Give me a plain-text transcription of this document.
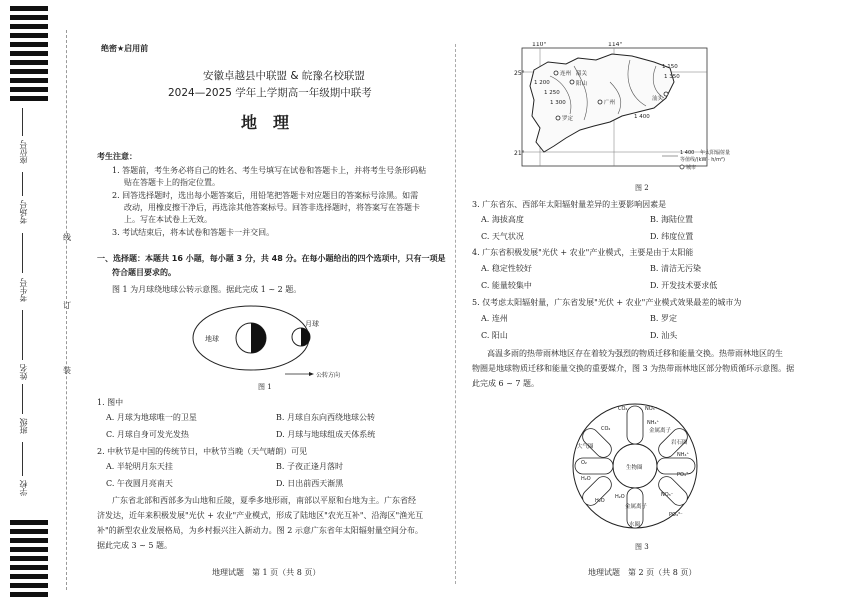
座位号
考场号
考生号
姓名
班级
学校
线
订
装
绝密★启用前
安徽卓越县中联盟 & 皖豫名校联盟
2024—2025 学年上学期高一年级期中联考
地　理
考生注意：
1. 答题前，考生务必将自己的姓名、考生号填写在试卷和答题卡上，并将考生号条形码粘
贴在答题卡上的指定位置。
2. 回答选择题时，选出每小题答案后，用铅笔把答题卡对应题目的答案标号涂黑。如需
改动，用橡皮擦干净后，再选涂其他答案标号。回答非选择题时，将答案写在答题卡
上。写在本试卷上无效。
3. 考试结束后，将本试卷和答题卡一并交回。
一、选择题：本题共 16 小题，每小题 3 分，共 48 分。在每小题给出的四个选项中，只有一项是
符合题目要求的。
图 1 为月球绕地球公转示意图。据此完成 1 ~ 2 题。
地球
月球
公转方向
图 1
1. 图中
A. 月球为地球唯一的卫星	B. 月球自东向西绕地球公转
C. 月球自身可发光发热	D. 月球与地球组成天体系统
2. 中秋节是中国的传统节日，中秋节当晚（天气晴朗）可见
A. 半轮明月东天挂	B. 子夜正逢月落时
C. 午夜圆月亮南天	D. 日出前西天渐黑
广东省北部和西部多为山地和丘陵，夏季多地形雨，南部以平原和台地为主。广东省经
济发达，近年来积极发展"光伏 + 农业"产业模式，形成了陆地区"农光互补"、沿海区"渔光互
补"的新型农业发展格局，为乡村振兴注入新动力。图 2 示意广东省年太阳辐射量空间分布。
据此完成 3 ~ 5 题。
地理试题　第 1 页（共 8 页）
110°	114°
25°
21°
1 200
1 250
1 300
1 350
1 400
1 150
连州 韶关
广州
罗定
汕头
阳山
1 400 年太阳辐射量
等值线/(kW · h/m²)
城市
图 2
3. 广东省东、西部年太阳辐射量差异的主要影响因素是
A. 海拔高度	B. 海陆位置
C. 天气状况	D. 纬度位置
4. 广东省积极发展"光伏 + 农业"产业模式，主要是由于太阳能
A. 稳定性较好	B. 清洁无污染
C. 能量较集中	D. 开发技术要求低
5. 仅考虑太阳辐射量，广东省发展"光伏 + 农业"产业模式效果最差的城市为
A. 连州	B. 罗定
C. 阳山	D. 汕头
高温多雨的热带雨林地区存在着较为强烈的物质迁移和能量交换。热带雨林地区的生
物圈是地球物质迁移和能量交换的重要媒介，图 3 为热带雨林地区部分物质循环示意图。据
此完成 6 ~ 7 题。
大气圈
生物圈
岩石圈
水圈
金属离子
金属离子
CO₂	NO₃⁻
NH₄⁺
NH₄⁺
PO₄³⁻
O₂
H₂O
H₂O
H₂O	NO₃⁻
PO₄³⁻
CO₂
图 3
地理试题　第 2 页（共 8 页）
